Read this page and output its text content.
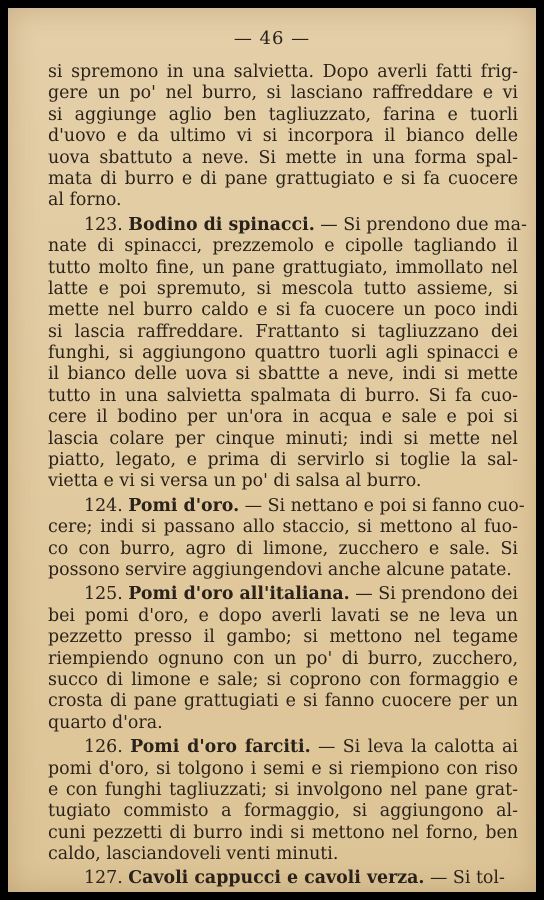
— 46 —
si spremono in una salvietta. Dopo averli fatti frig-
gere un po' nel burro, si lasciano raffreddare e vi
si aggiunge aglio ben tagliuzzato, farina e tuorli
d'uovo e da ultimo vi si incorpora il bianco delle
uova sbattuto a neve. Si mette in una forma spal-
mata di burro e di pane grattugiato e si fa cuocere
al forno.
123. Bodino di spinacci. — Si prendono due ma-
nate di spinacci, prezzemolo e cipolle tagliando il
tutto molto fine, un pane grattugiato, immollato nel
latte e poi spremuto, si mescola tutto assieme, si
mette nel burro caldo e si fa cuocere un poco indi
si lascia raffreddare. Frattanto si tagliuzzano dei
funghi, si aggiungono quattro tuorli agli spinacci e
il bianco delle uova si sbattte a neve, indi si mette
tutto in una salvietta spalmata di burro. Si fa cuo-
cere il bodino per un'ora in acqua e sale e poi si
lascia colare per cinque minuti; indi si mette nel
piatto, legato, e prima di servirlo si toglie la sal-
vietta e vi si versa un po' di salsa al burro.
124. Pomi d'oro. — Si nettano e poi si fanno cuo-
cere; indi si passano allo staccio, si mettono al fuo-
co con burro, agro di limone, zucchero e sale. Si
possono servire aggiungendovi anche alcune patate.
125. Pomi d'oro all'italiana. — Si prendono dei
bei pomi d'oro, e dopo averli lavati se ne leva un
pezzetto presso il gambo; si mettono nel tegame
riempiendo ognuno con un po' di burro, zucchero,
succo di limone e sale; si coprono con formaggio e
crosta di pane grattugiati e si fanno cuocere per un
quarto d'ora.
126. Pomi d'oro farciti. — Si leva la calotta ai
pomi d'oro, si tolgono i semi e si riempiono con riso
e con funghi tagliuzzati; si involgono nel pane grat-
tugiato commisto a formaggio, si aggiungono al-
cuni pezzetti di burro indi si mettono nel forno, ben
caldo, lasciandoveli venti minuti.
127. Cavoli cappucci e cavoli verza. — Si tol-
